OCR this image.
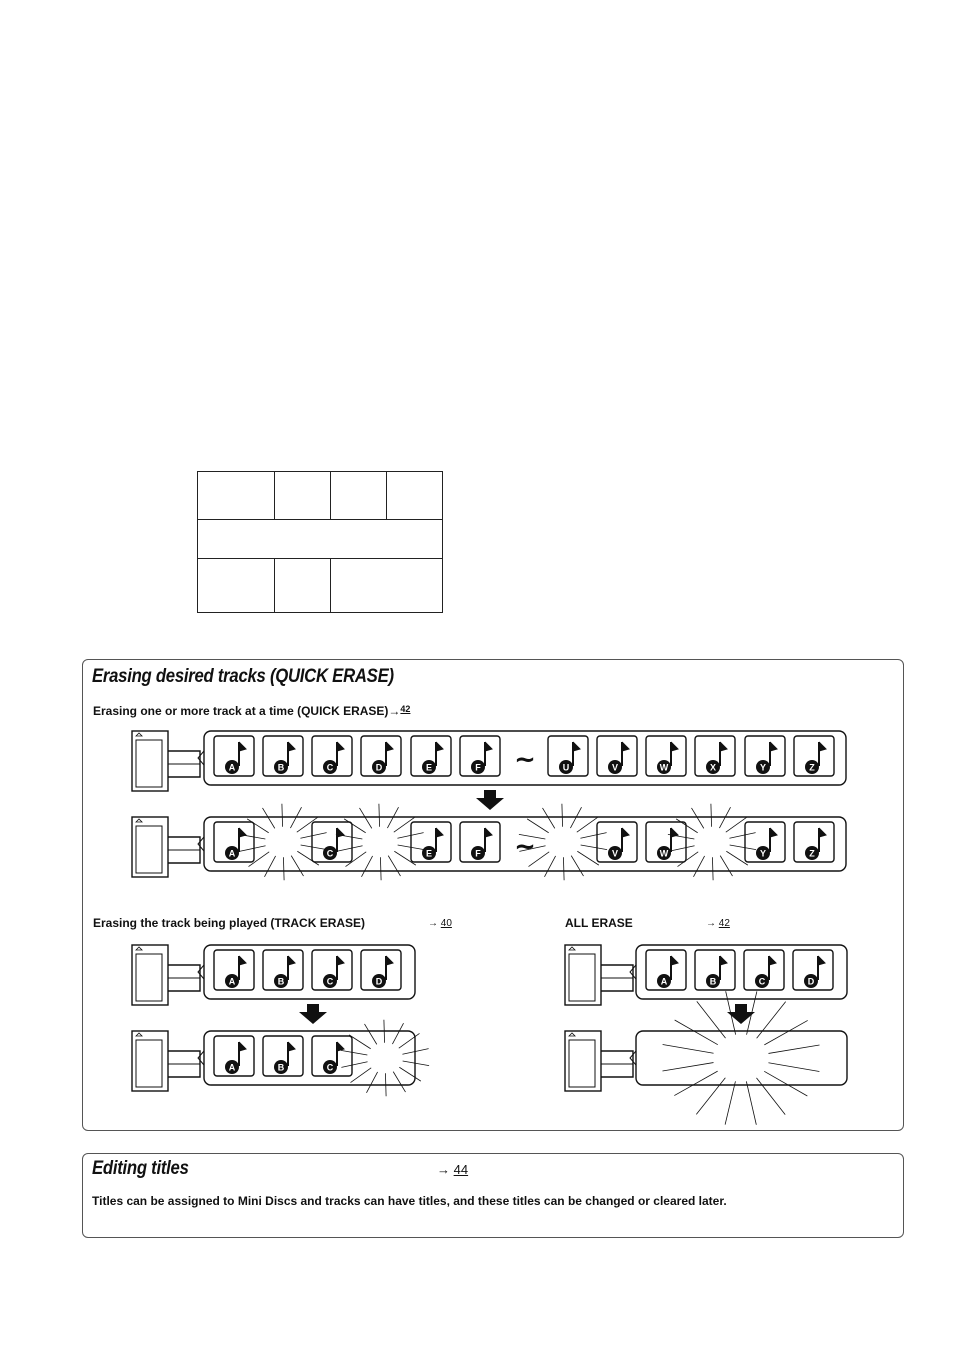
Erasing desired tracks (QUICK ERASE)
Erasing one or more track at a time (QUICK ERASE)→ 42
Erasing the track being played (TRACK ERASE)	→ 40	ALL ERASE	→ 42
Editing titles	→ 44
Titles can be assigned to Mini Discs and tracks can have titles, and these titles can be changed or cleared later.
A	B	C	D	E	F ~	U	V	W	X	Y	Z
A	C	E	F ~	V	W	Y	Z
A	B	C	D
A	B	C
A	B	C	D
